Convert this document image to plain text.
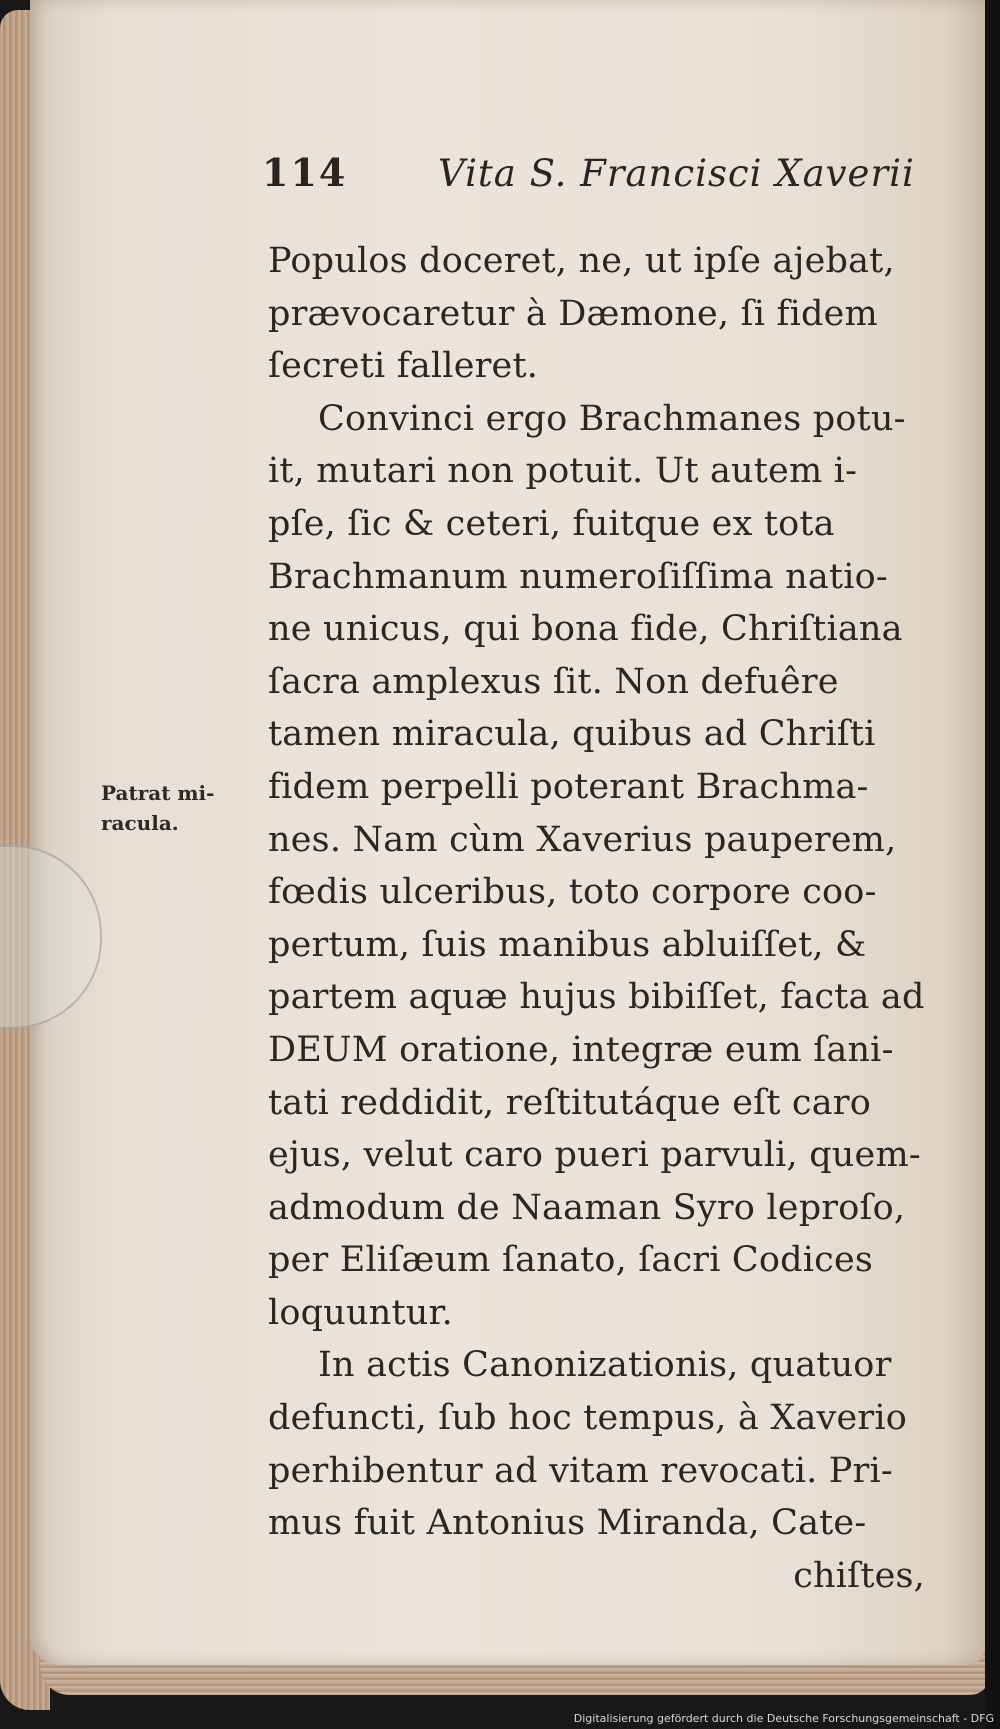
114 Vita S. Francisci Xaverii
Patrat mi-
racula.
Populos doceret, ne, ut ipſe ajebat,
prævocaretur à Dæmone, ſi fidem
ſecreti falleret.
Convinci ergo Brachmanes potu-
it, mutari non potuit. Ut autem i-
pſe, ſic & ceteri, fuitque ex tota
Brachmanum numeroſiſſima natio-
ne unicus, qui bona fide, Chriſtiana
ſacra amplexus ſit. Non defuêre
tamen miracula, quibus ad Chriſti
fidem perpelli poterant Brachma-
nes. Nam cùm Xaverius pauperem,
fœdis ulceribus, toto corpore coo-
pertum, ſuis manibus abluiſſet, &
partem aquæ hujus bibiſſet, facta ad
DEUM oratione, integræ eum ſani-
tati reddidit, reſtitutáque eſt caro
ejus, velut caro pueri parvuli, quem-
admodum de Naaman Syro leproſo,
per Eliſæum ſanato, ſacri Codices
loquuntur.
In actis Canonizationis, quatuor
defuncti, ſub hoc tempus, à Xaverio
perhibentur ad vitam revocati. Pri-
mus fuit Antonius Miranda, Cate-
chiſtes,
Digitalisierung gefördert durch die Deutsche Forschungsgemeinschaft - DFG
